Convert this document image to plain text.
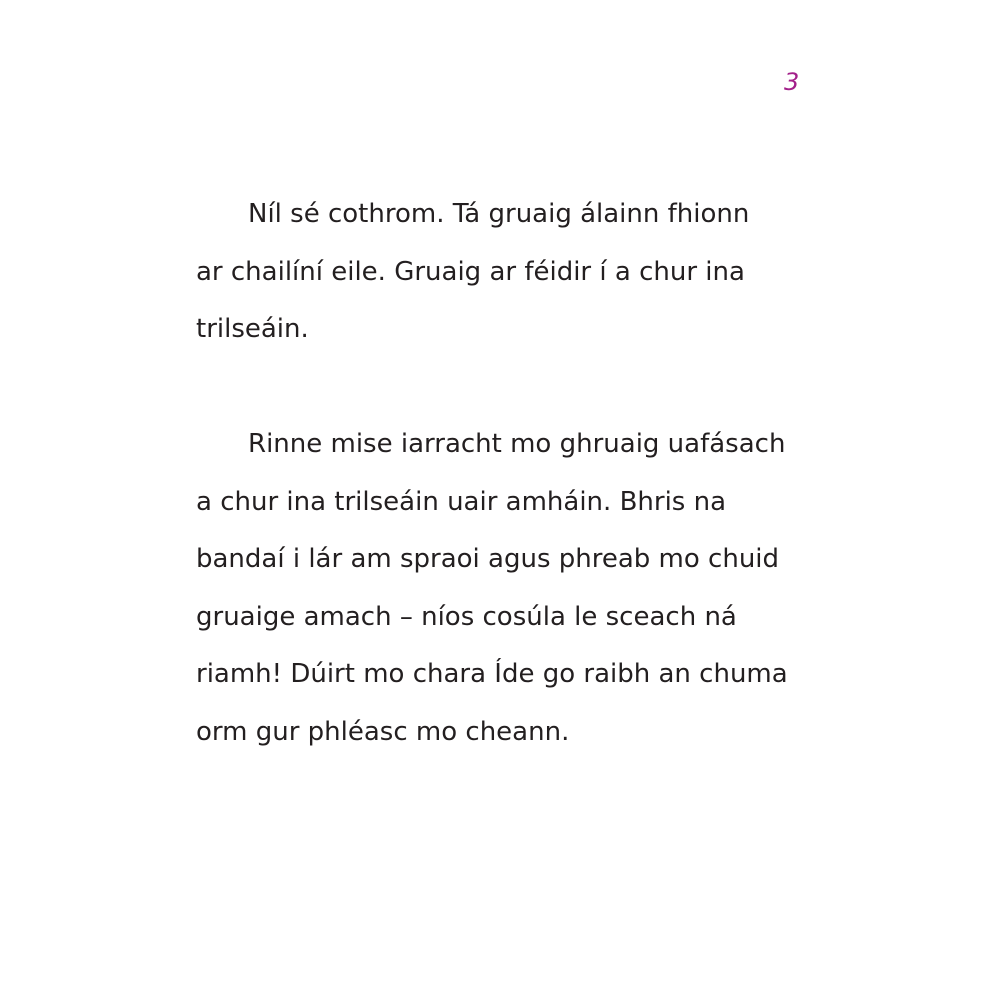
3
Níl sé cothrom. Tá gruaig álainn fhionn
ar chailíní eile. Gruaig ar féidir í a chur ina
trilseáin.
Rinne mise iarracht mo ghruaig uafásach
a chur ina trilseáin uair amháin. Bhris na
bandaí i lár am spraoi agus phreab mo chuid
gruaige amach – níos cosúla le sceach ná
riamh! Dúirt mo chara Íde go raibh an chuma
orm gur phléasc mo cheann.
